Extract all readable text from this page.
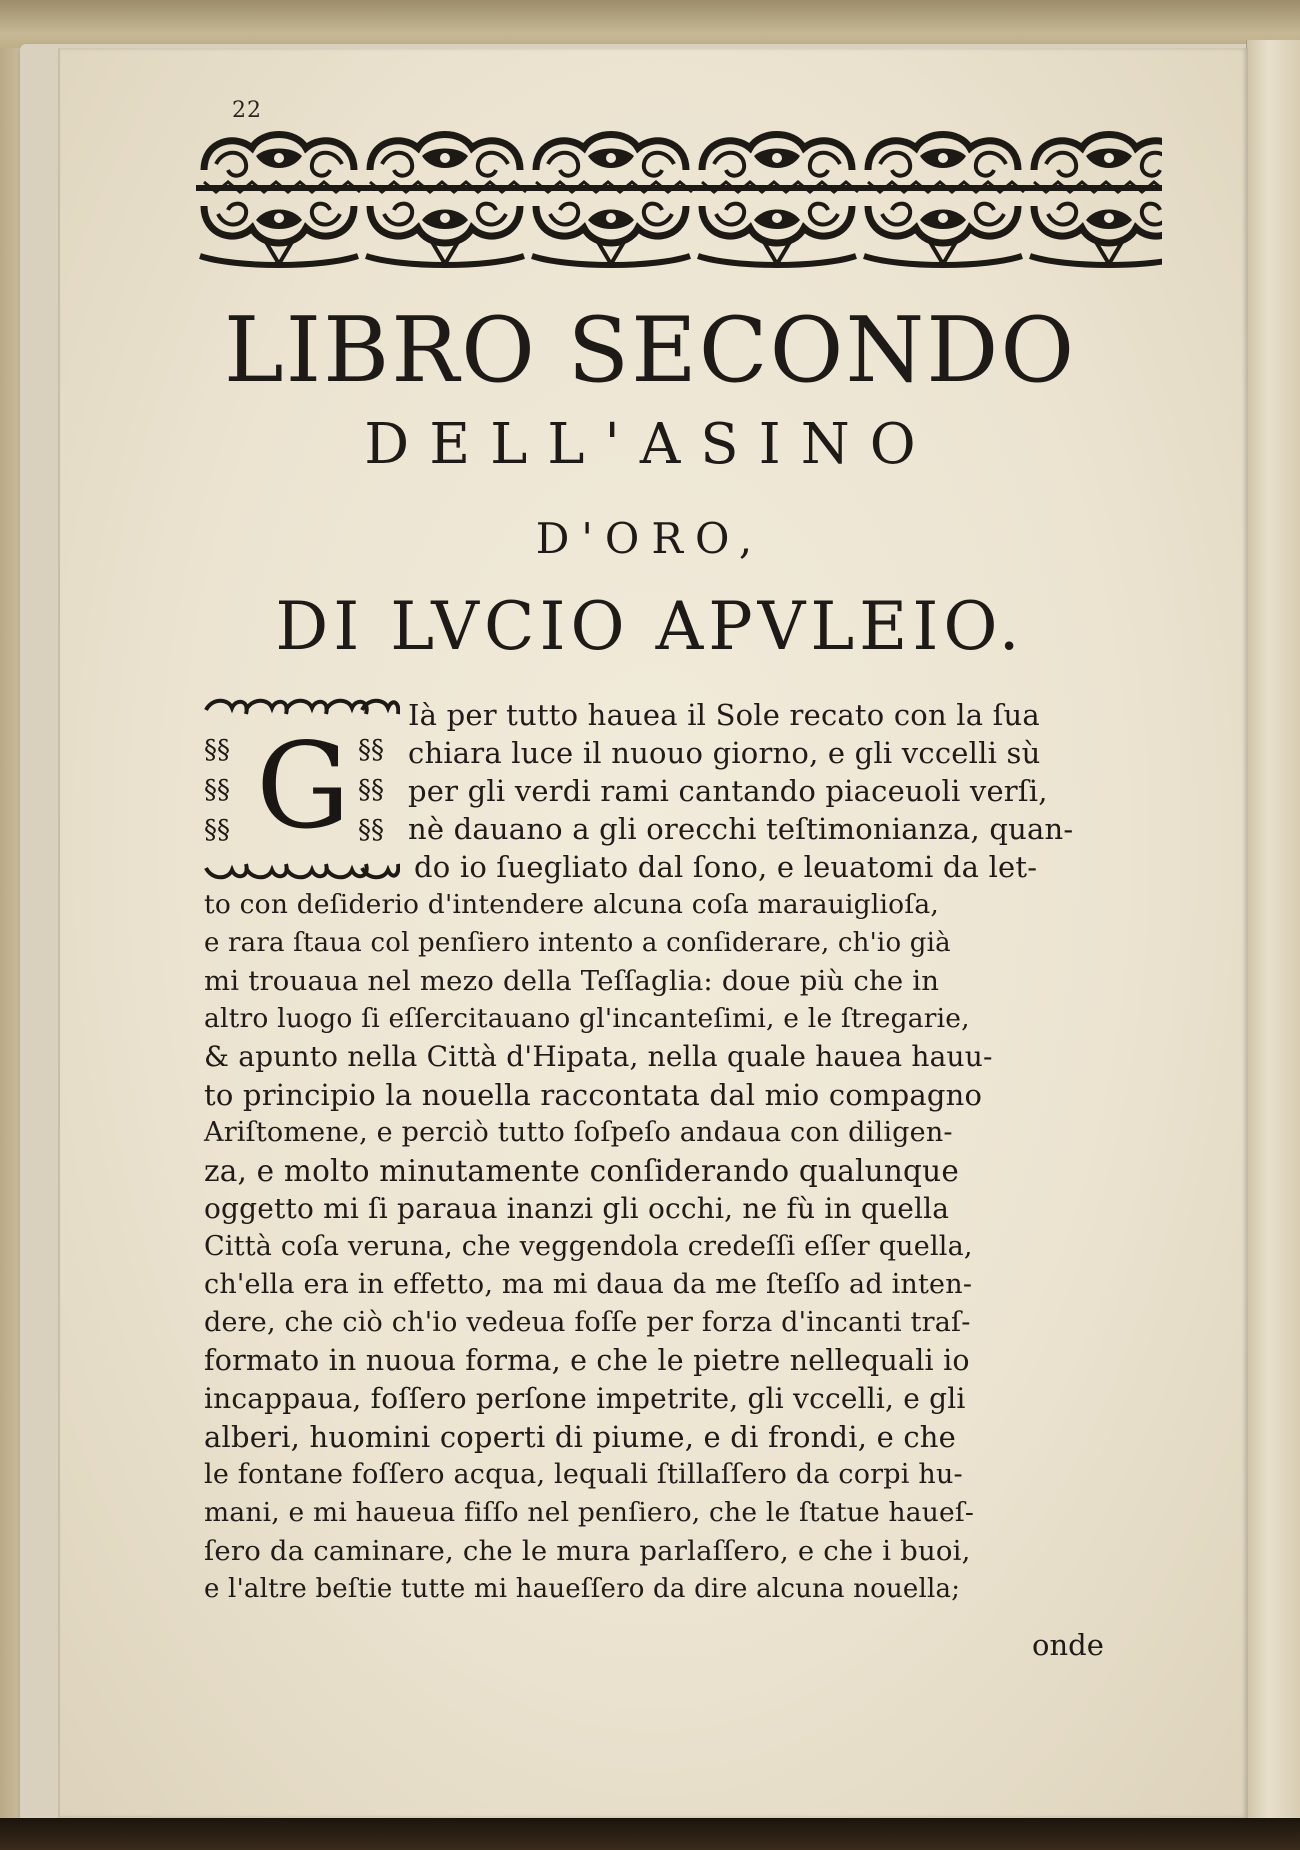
22
LIBRO SECONDO
DELL'ASINO
D'ORO,
DI LVCIO APVLEIO.
§§
§§
§§
§§
§§
§§
G
Ià per tutto hauea il Sole recato con la ſua
chiara luce il nuouo giorno, e gli vccelli sù
per gli verdi rami cantando piaceuoli verſi,
nè dauano a gli orecchi teſtimonianza, quan-
do io ſuegliato dal ſono, e leuatomi da let-
to con deſiderio d'intendere alcuna coſa marauiglioſa,
e rara ſtaua col penſiero intento a conſiderare, ch'io già
mi trouaua nel mezo della Teſſaglia: doue più che in
altro luogo ſi eſſercitauano gl'incanteſimi, e le ſtregarie,
& apunto nella Città d'Hipata, nella quale hauea hauu-
to principio la nouella raccontata dal mio compagno
Ariſtomene, e perciò tutto ſoſpeſo andaua con diligen-
za, e molto minutamente conſiderando qualunque
oggetto mi ſi paraua inanzi gli occhi, ne fù in quella
Città coſa veruna, che veggendola credeſſi eſſer quella,
ch'ella era in effetto, ma mi daua da me ſteſſo ad inten-
dere, che ciò ch'io vedeua foſſe per forza d'incanti traſ-
formato in nuoua forma, e che le pietre nellequali io
incappaua, foſſero perſone impetrite, gli vccelli, e gli
alberi, huomini coperti di piume, e di frondi, e che
le fontane foſſero acqua, lequali ſtillaſſero da corpi hu-
mani, e mi haueua fiſſo nel penſiero, che le ſtatue haueſ-
ſero da caminare, che le mura parlaſſero, e che i buoi,
e l'altre beſtie tutte mi haueſſero da dire alcuna nouella;
onde
